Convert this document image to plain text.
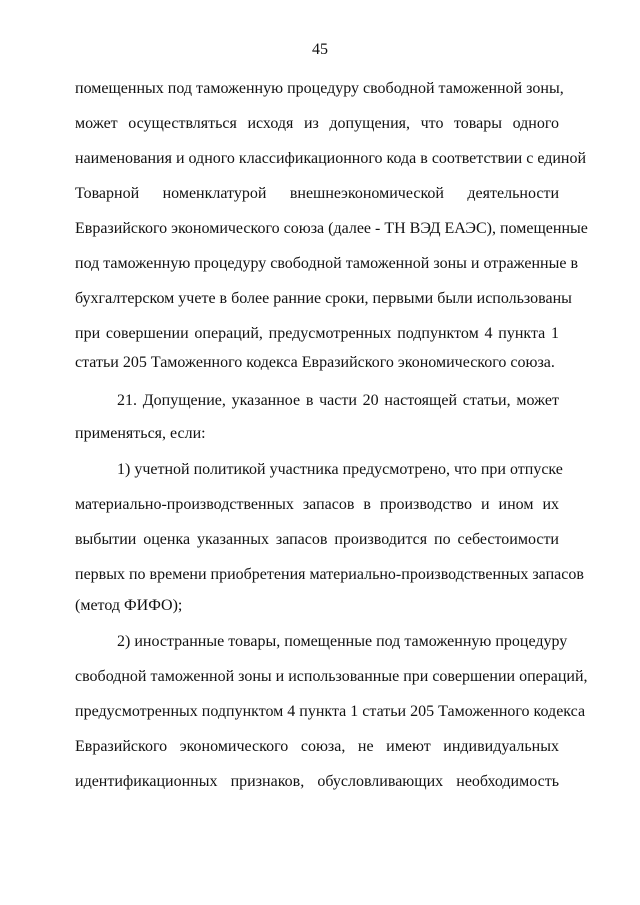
45
помещенных под таможенную процедуру свободной таможенной зоны,
может осуществляться исходя из допущения, что товары одного
наименования и одного классификационного кода в соответствии с единой
Товарной номенклатурой внешнеэкономической деятельности
Евразийского экономического союза (далее - ТН ВЭД ЕАЭС), помещенные
под таможенную процедуру свободной таможенной зоны и отраженные в
бухгалтерском учете в более ранние сроки, первыми были использованы
при совершении операций, предусмотренных подпунктом 4 пункта 1
статьи 205 Таможенного кодекса Евразийского экономического союза.
21. Допущение, указанное в части 20 настоящей статьи, может
применяться, если:
1) учетной политикой участника предусмотрено, что при отпуске
материально-производственных запасов в производство и ином их
выбытии оценка указанных запасов производится по себестоимости
первых по времени приобретения материально-производственных запасов
(метод ФИФО);
2) иностранные товары, помещенные под таможенную процедуру
свободной таможенной зоны и использованные при совершении операций,
предусмотренных подпунктом 4 пункта 1 статьи 205 Таможенного кодекса
Евразийского экономического союза, не имеют индивидуальных
идентификационных признаков, обусловливающих необходимость
